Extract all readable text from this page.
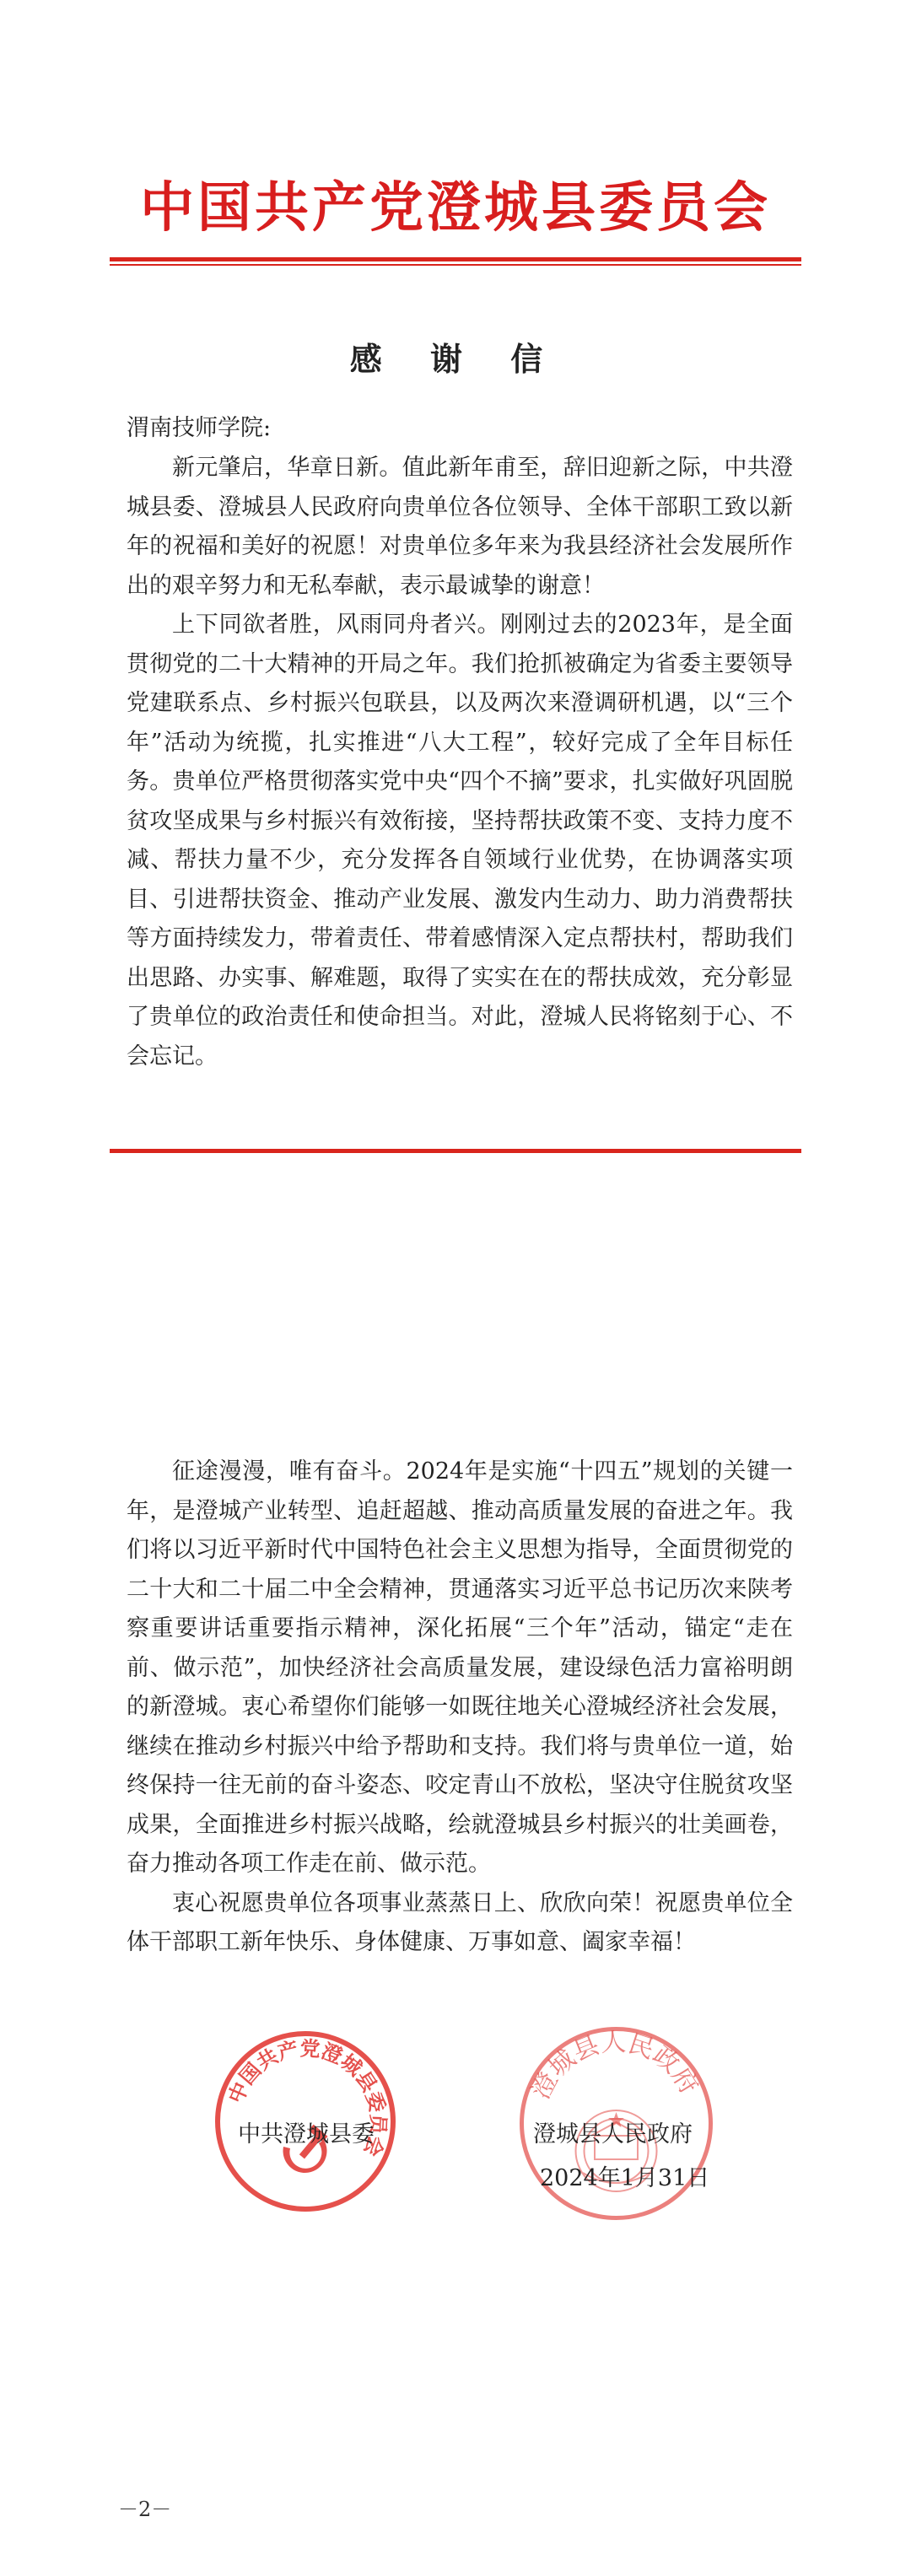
中国共产党澄城县委员会
感 谢 信
渭南技师学院:

新元肇启，华章日新。值此新年甫至，辞旧迎新之际，中共澄城县委、澄城县人民政府向贵单位各位领导、全体干部职工致以新年的祝福和美好的祝愿！对贵单位多年来为我县经济社会发展所作出的艰辛努力和无私奉献，表示最诚挚的谢意！

上下同欲者胜，风雨同舟者兴。刚刚过去的2023年，是全面贯彻党的二十大精神的开局之年。我们抢抓被确定为省委主要领导党建联系点、乡村振兴包联县，以及两次来澄调研机遇，以“三个年”活动为统揽，扎实推进“八大工程”，较好完成了全年目标任务。贵单位严格贯彻落实党中央“四个不摘”要求，扎实做好巩固脱贫攻坚成果与乡村振兴有效衔接，坚持帮扶政策不变、支持力度不减、帮扶力量不少，充分发挥各自领域行业优势，在协调落实项目、引进帮扶资金、推动产业发展、激发内生动力、助力消费帮扶等方面持续发力，带着责任、带着感情深入定点帮扶村，帮助我们出思路、办实事、解难题，取得了实实在在的帮扶成效，充分彰显了贵单位的政治责任和使命担当。对此，澄城人民将铭刻于心、不会忘记。

征途漫漫，唯有奋斗。2024年是实施“十四五”规划的关键一年，是澄城产业转型、追赶超越、推动高质量发展的奋进之年。我们将以习近平新时代中国特色社会主义思想为指导，全面贯彻党的二十大和二十届二中全会精神，贯通落实习近平总书记历次来陕考察重要讲话重要指示精神，深化拓展“三个年”活动，锚定“走在前、做示范”，加快经济社会高质量发展，建设绿色活力富裕明朗的新澄城。衷心希望你们能够一如既往地关心澄城经济社会发展，继续在推动乡村振兴中给予帮助和支持。我们将与贵单位一道，始终保持一往无前的奋斗姿态、咬定青山不放松，坚决守住脱贫攻坚成果，全面推进乡村振兴战略，绘就澄城县乡村振兴的壮美画卷，奋力推动各项工作走在前、做示范。

衷心祝愿贵单位各项事业蒸蒸日上、欣欣向荣！祝愿贵单位全体干部职工新年快乐、身体健康、万事如意、阖家幸福！

中国共产党澄城县委员会
澄城县人民政府
中共澄城县委	澄城县人民政府
2024年1月31日
－2－
